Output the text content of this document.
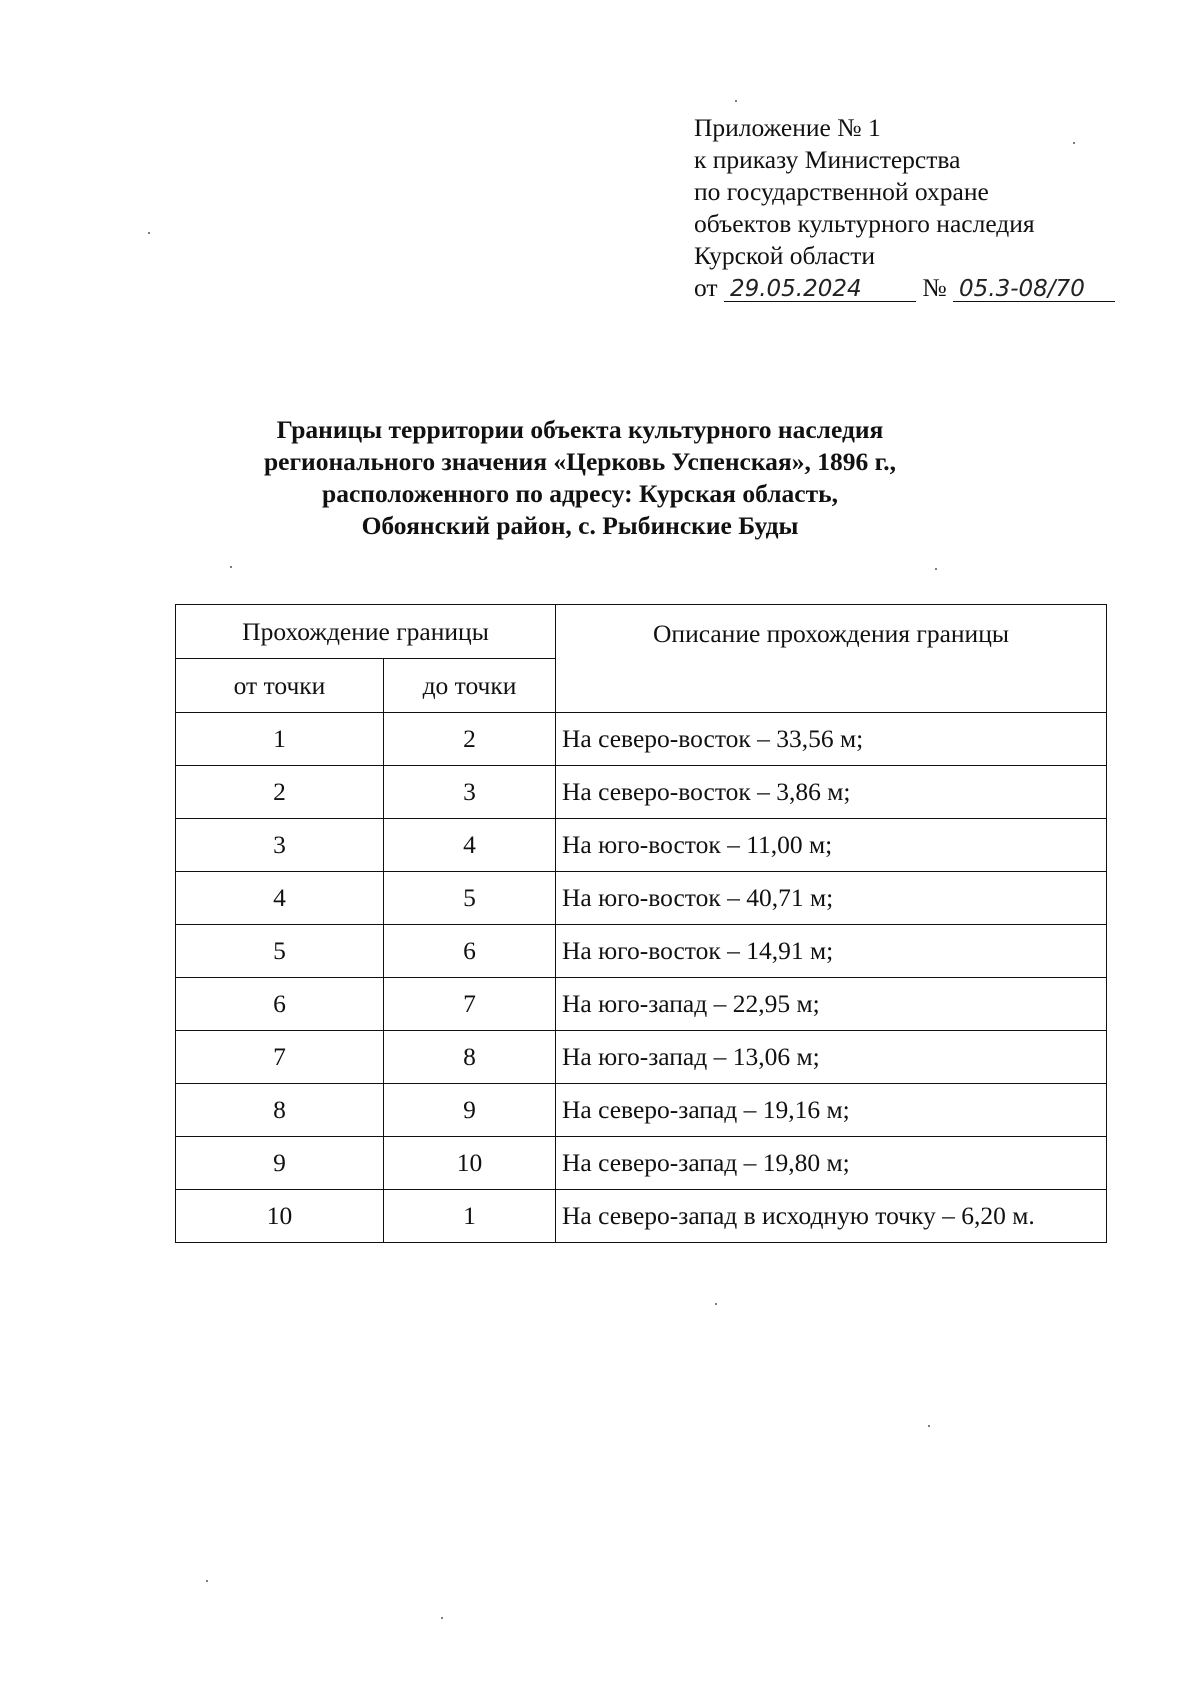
Приложение № 1
к приказу Министерства
по государственной охране
объектов культурного наследия
Курской области
от 29.05.2024 № 05.3-08/70
Границы территории объекта культурного наследия
регионального значения «Церковь Успенская», 1896 г.,
расположенного по адресу: Курская область,
Обоянский район, с. Рыбинские Буды
Прохождение границы		Описание прохождения границы
от точки	до точки	
1	2	На северо-восток – 33,56 м;
2	3	На северо-восток – 3,86 м;
3	4	На юго-восток – 11,00 м;
4	5	На юго-восток – 40,71 м;
5	6	На юго-восток – 14,91 м;
6	7	На юго-запад – 22,95 м;
7	8	На юго-запад – 13,06 м;
8	9	На северо-запад – 19,16 м;
9	10	На северо-запад – 19,80 м;
10	1	На северо-запад в исходную точку – 6,20 м.
